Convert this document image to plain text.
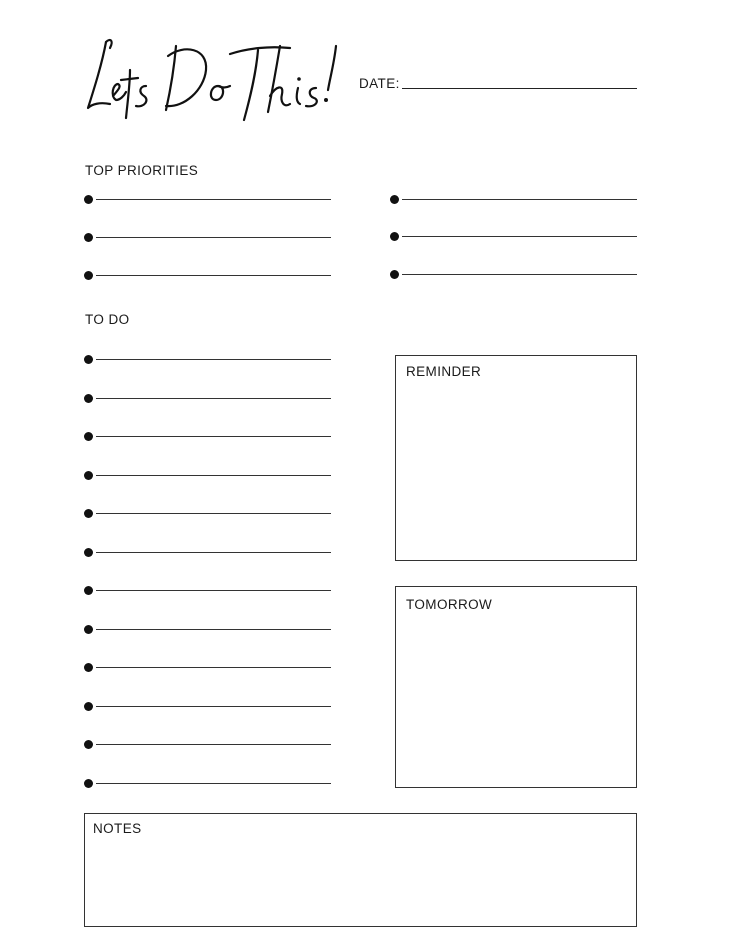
DATE:
TOP PRIORITIES
TO DO
REMINDER
TOMORROW
NOTES
